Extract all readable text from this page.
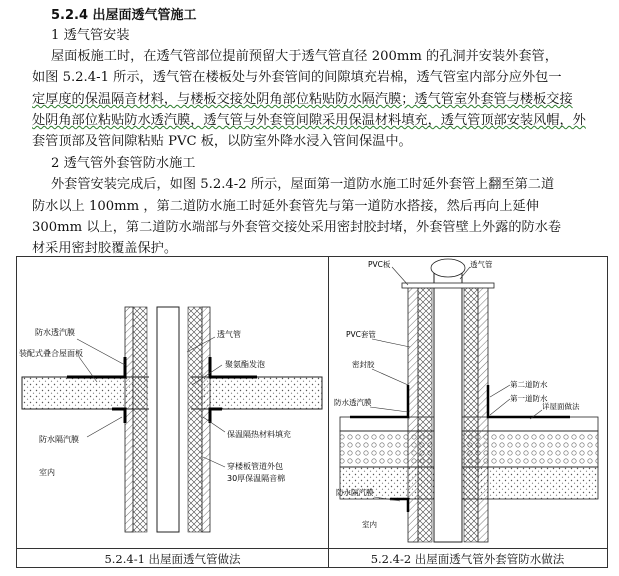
5.2.4 出屋面透气管施工
1 透气管安装
屋面板施工时，在透气管部位提前预留大于透气管直径 200mm 的孔洞并安装外套管，
如图 5.2.4-1 所示，透气管在楼板处与外套管间的间隙填充岩棉，透气管室内部分应外包一
定厚度的保温隔音材料，与楼板交接处阴角部位粘贴防水隔汽膜；透气管室外套管与楼板交接
处阴角部位粘贴防水透汽膜，透气管与外套管间隙采用保温材料填充，透气管顶部安装风帽，外
套管顶部及管间隙粘贴 PVC 板，以防室外降水浸入管间保温中。
2 透气管外套管防水施工
外套管安装完成后，如图 5.2.4-2 所示，屋面第一道防水施工时延外套管上翻至第二道
防水以上 100mm ，第二道防水施工时延外套管先与第一道防水搭接，然后再向上延伸
300mm 以上，第二道防水端部与外套管交接处采用密封胶封堵，外套管壁上外露的防水卷
材采用密封胶覆盖保护。
防水透汽膜
装配式叠合屋面板
透气管
聚氨酯发泡
防水隔汽膜
保温隔热材料填充
穿楼板管道外包
30厚保温隔音棉
室内
PVC板	透气管
PVC套管
密封胶
防水透汽膜
第二道防水
第一道防水
详屋面做法
防水隔汽膜
室内
5.2.4-1 出屋面透气管做法	5.2.4-2 出屋面透气管外套管防水做法
